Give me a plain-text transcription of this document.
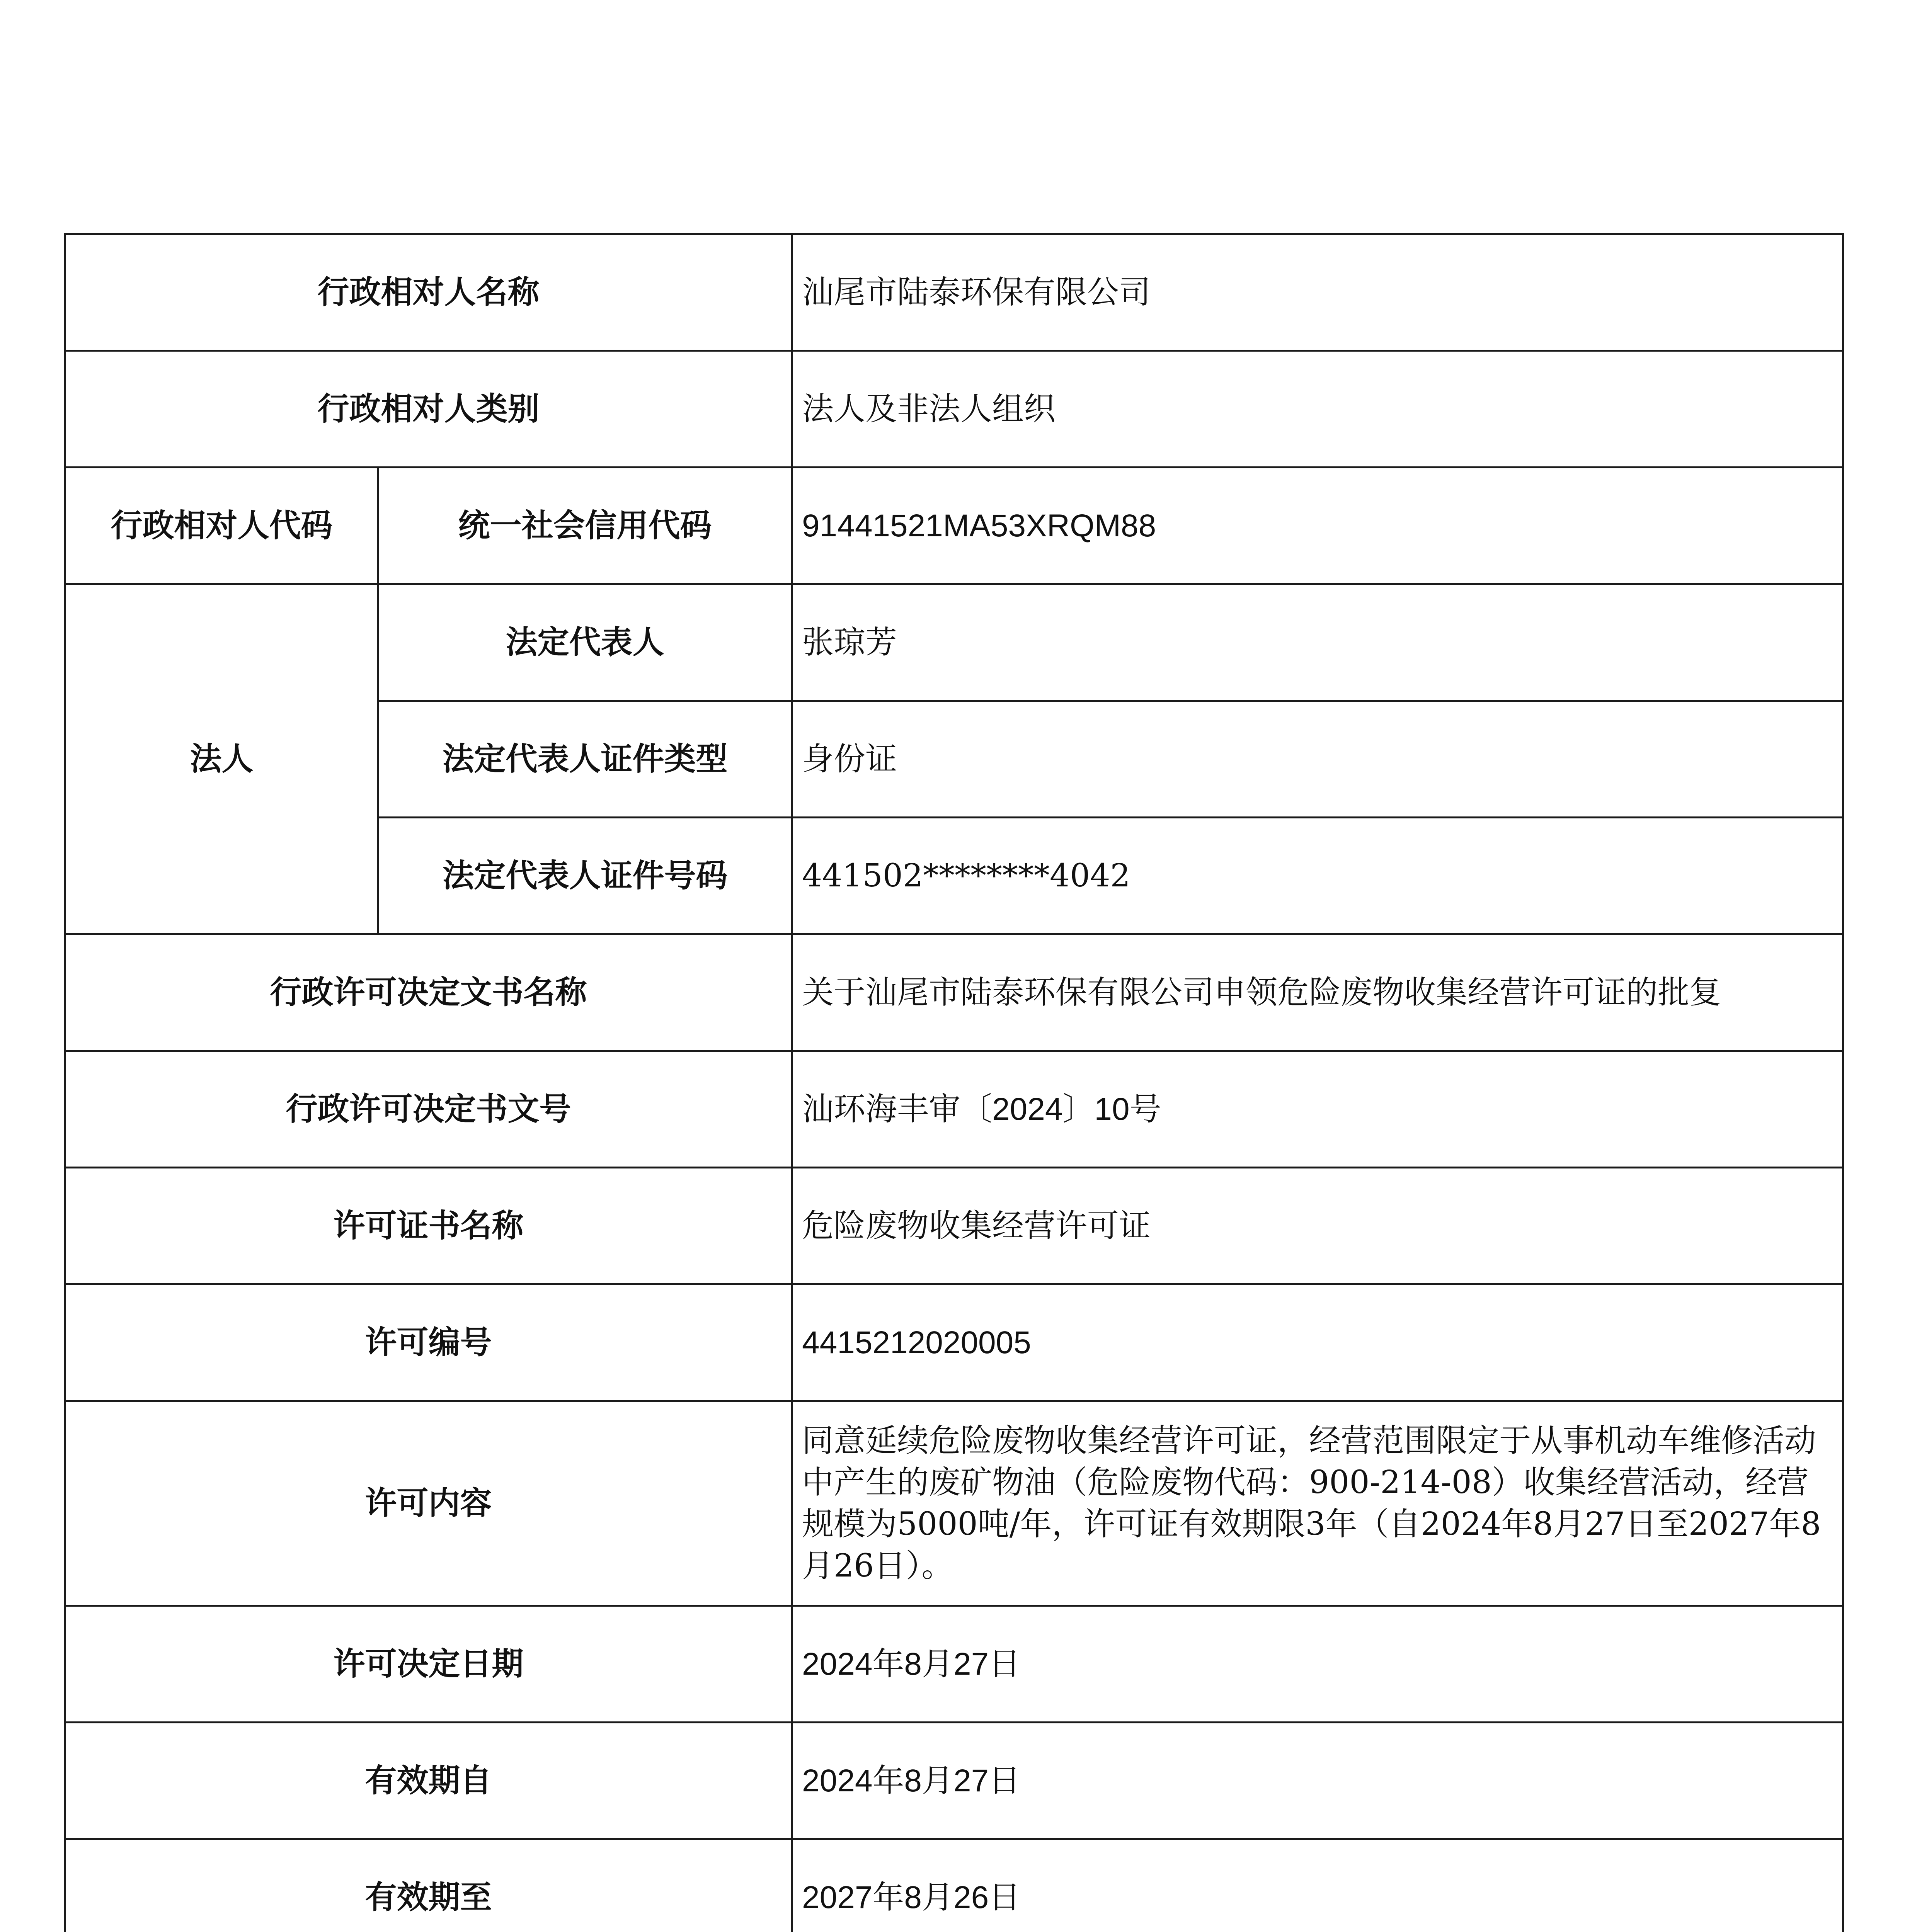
行政相对人名称		汕尾市陆泰环保有限公司
行政相对人类别		法人及非法人组织
行政相对人代码	统一社会信用代码	91441521MA53XRQM88
法人	法定代表人	张琼芳
	法定代表人证件类型	身份证
	法定代表人证件号码	441502********4042
行政许可决定文书名称		关于汕尾市陆泰环保有限公司申领危险废物收集经营许可证的批复
行政许可决定书文号		汕环海丰审〔2024〕10号
许可证书名称		危险废物收集经营许可证
许可编号		4415212020005
许可内容		同意延续危险废物收集经营许可证，经营范围限定于从事机动车维修活动中产生的废矿物油（危险废物代码：900-214-08）收集经营活动，经营规模为5000吨/年，许可证有效期限3年（自2024年8月27日至2027年8月26日）。
许可决定日期		2024年8月27日
有效期自		2024年8月27日
有效期至		2027年8月26日
